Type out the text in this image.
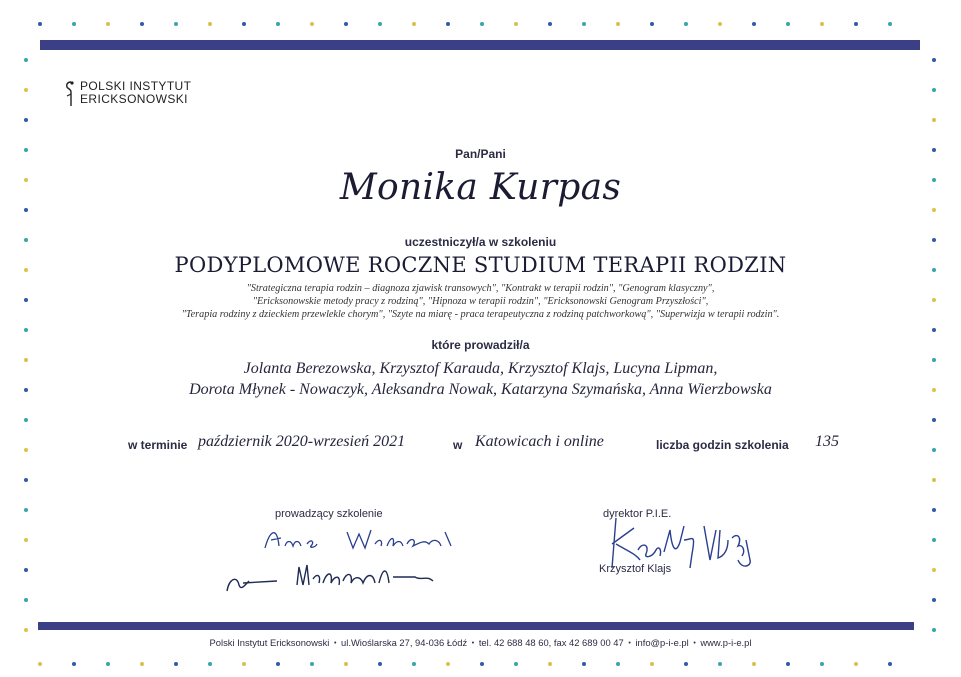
POLSKI INSTYTUT
ERICKSONOWSKI
Pan/Pani
Monika Kurpas
uczestniczył/a w szkoleniu
PODYPLOMOWE ROCZNE STUDIUM TERAPII RODZIN
"Strategiczna terapia rodzin – diagnoza zjawisk transowych", "Kontrakt w terapii rodzin", "Genogram klasyczny",
"Ericksonowskie metody pracy z rodziną", "Hipnoza w terapii rodzin", "Ericksonowski Genogram Przyszłości",
"Terapia rodziny z dzieckiem przewlekle chorym", "Szyte na miarę - praca terapeutyczna z rodziną patchworkową", "Superwizja w terapii rodzin".
które prowadził/a
Jolanta Berezowska, Krzysztof Karauda, Krzysztof Klajs, Lucyna Lipman,
Dorota Młynek - Nowaczyk, Aleksandra Nowak, Katarzyna Szymańska, Anna Wierzbowska
w terminie październik 2020-wrzesień 2021	w Katowicach i online	liczba godzin szkolenia 135
prowadzący szkolenie	dyrektor P.I.E.
Krzysztof Klajs
Polski Instytut Ericksonowski • ul.Wioślarska 27, 94-036 Łódź • tel. 42 688 48 60, fax 42 689 00 47 • info@p-i-e.pl • www.p-i-e.pl
